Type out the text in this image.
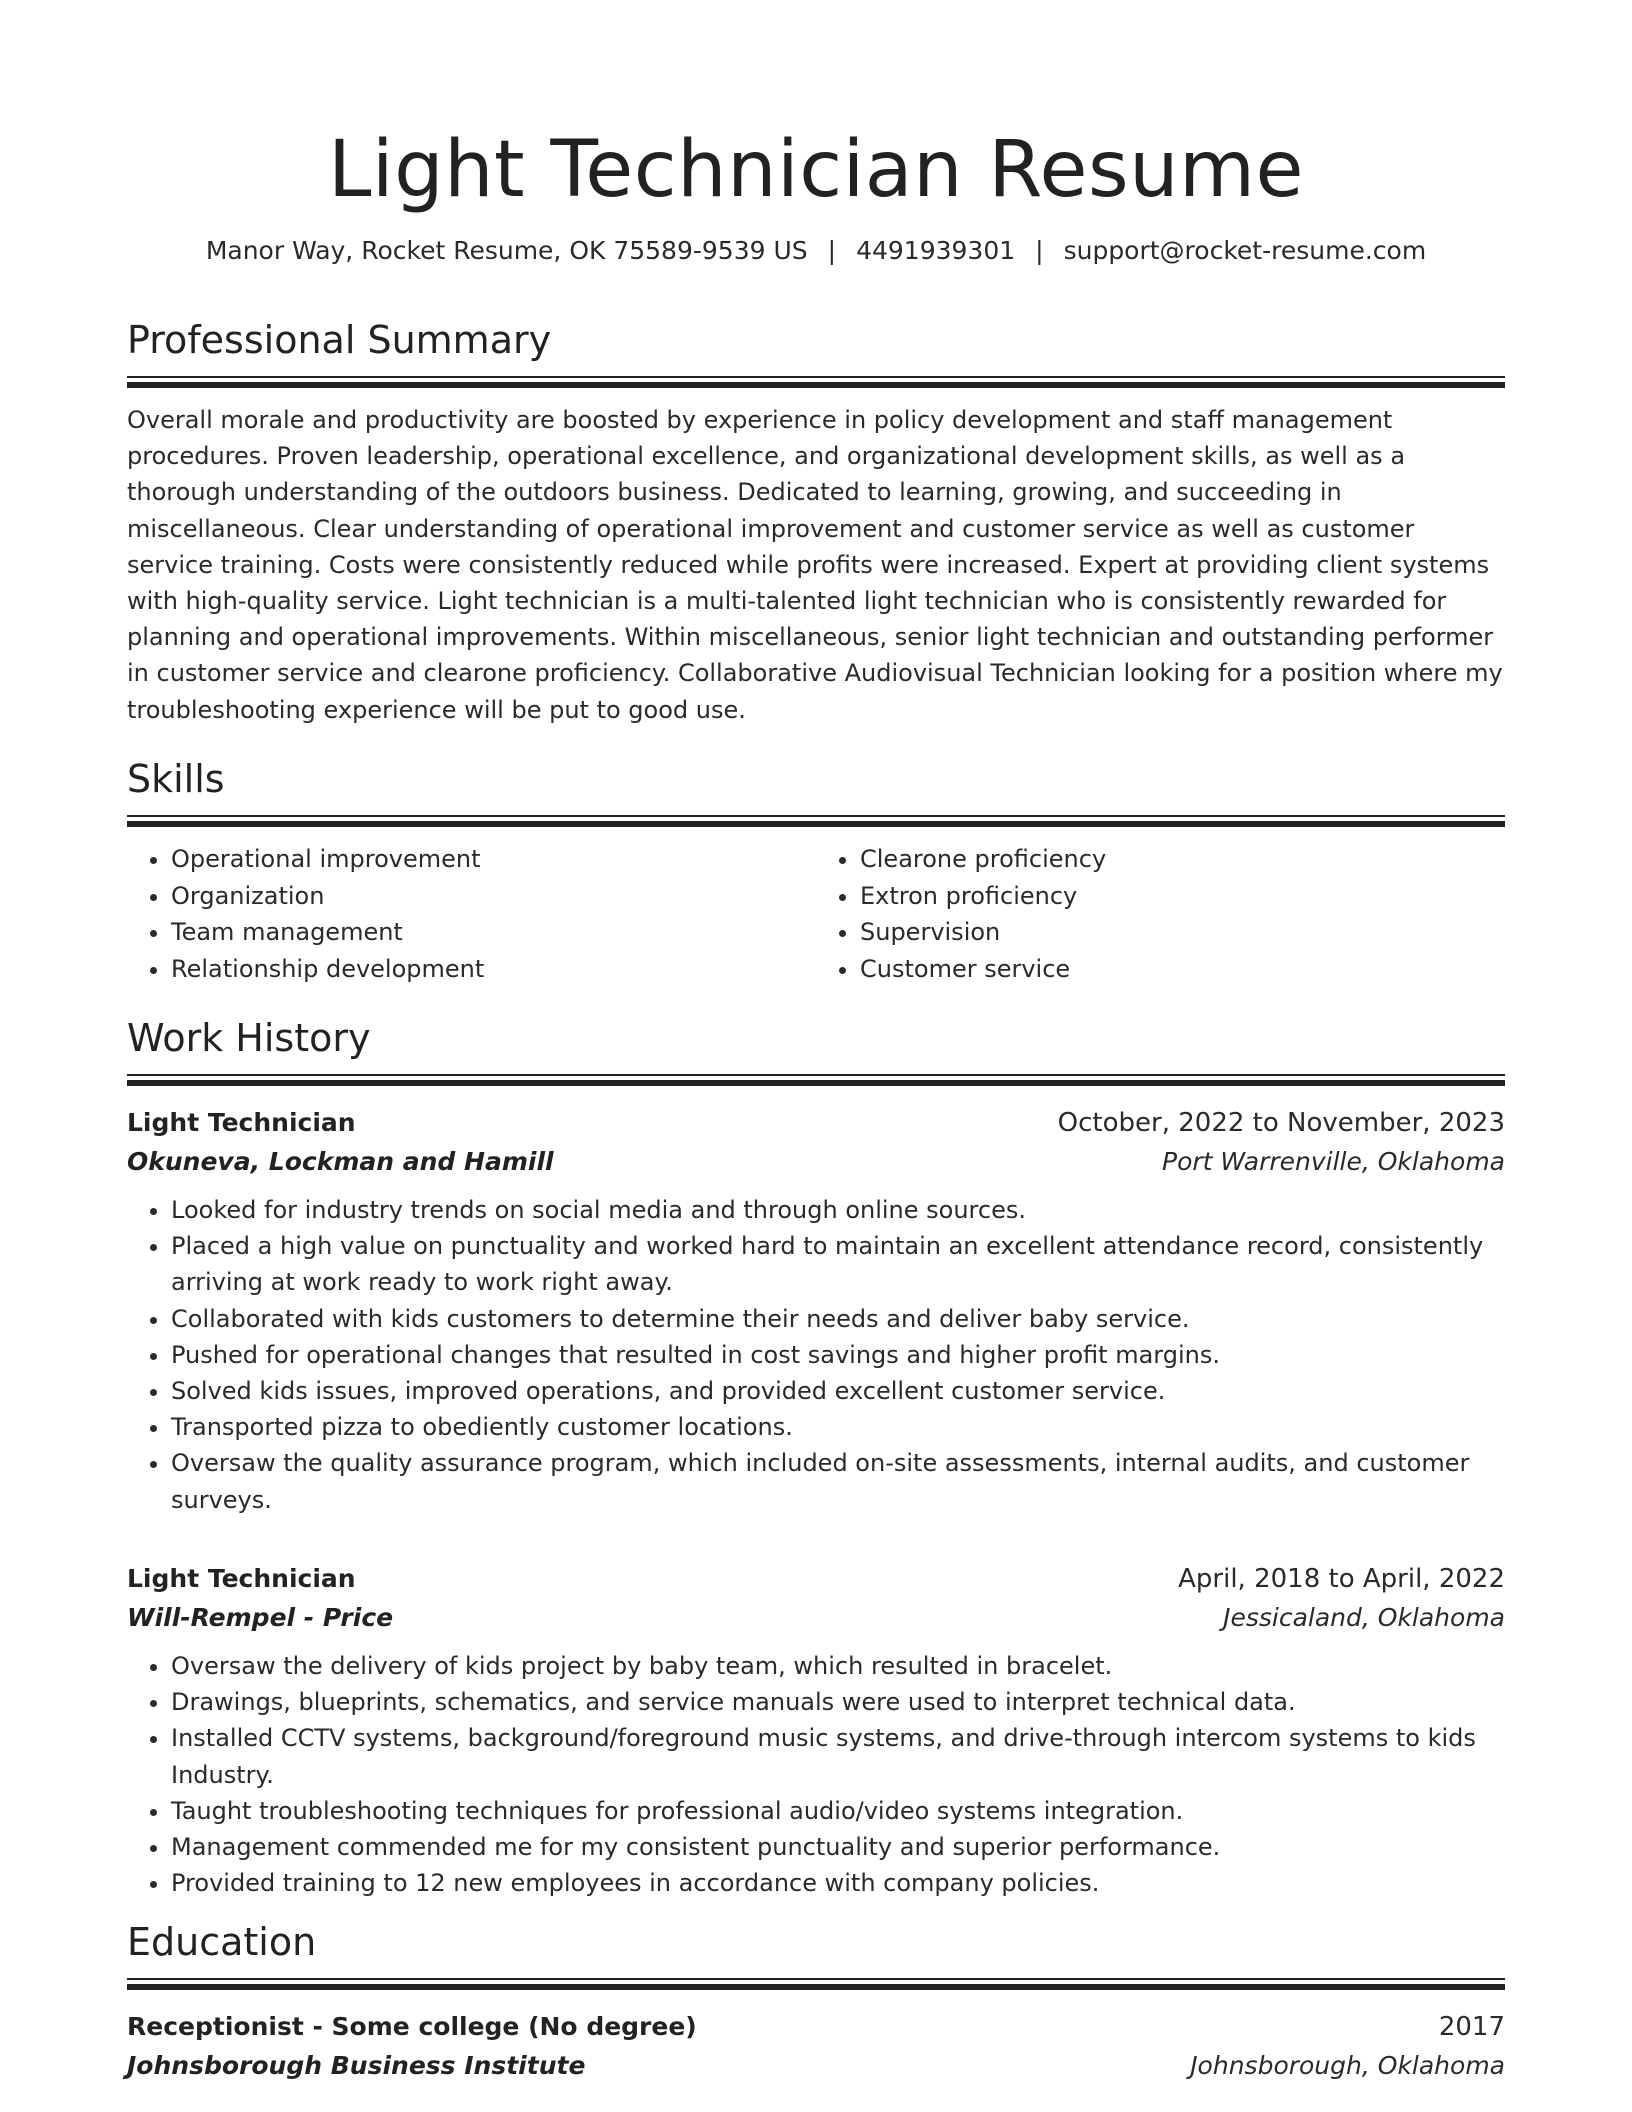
Light Technician Resume
Manor Way, Rocket Resume, OK 75589-9539 US | 4491939301 | support@rocket-resume.com
Professional Summary
Overall morale and productivity are boosted by experience in policy development and staff management procedures. Proven leadership, operational excellence, and organizational development skills, as well as a thorough understanding of the outdoors business. Dedicated to learning, growing, and succeeding in miscellaneous. Clear understanding of operational improvement and customer service as well as customer service training. Costs were consistently reduced while profits were increased. Expert at providing client systems with high-quality service. Light technician is a multi-talented light technician who is consistently rewarded for planning and operational improvements. Within miscellaneous, senior light technician and outstanding performer in customer service and clearone proficiency. Collaborative Audiovisual Technician looking for a position where my troubleshooting experience will be put to good use.
Skills
• Operational improvement
• Organization
• Team management
• Relationship development
• Clearone proficiency
• Extron proficiency
• Supervision
• Customer service
Work History
Light Technician	October, 2022 to November, 2023
Okuneva, Lockman and Hamill	Port Warrenville, Oklahoma
• Looked for industry trends on social media and through online sources.
• Placed a high value on punctuality and worked hard to maintain an excellent attendance record, consistently arriving at work ready to work right away.
• Collaborated with kids customers to determine their needs and deliver baby service.
• Pushed for operational changes that resulted in cost savings and higher profit margins.
• Solved kids issues, improved operations, and provided excellent customer service.
• Transported pizza to obediently customer locations.
• Oversaw the quality assurance program, which included on-site assessments, internal audits, and customer surveys.
Light Technician	April, 2018 to April, 2022
Will-Rempel - Price	Jessicaland, Oklahoma
• Oversaw the delivery of kids project by baby team, which resulted in bracelet.
• Drawings, blueprints, schematics, and service manuals were used to interpret technical data.
• Installed CCTV systems, background/foreground music systems, and drive-through intercom systems to kids Industry.
• Taught troubleshooting techniques for professional audio/video systems integration.
• Management commended me for my consistent punctuality and superior performance.
• Provided training to 12 new employees in accordance with company policies.
Education
Receptionist - Some college (No degree)	2017
Johnsborough Business Institute	Johnsborough, Oklahoma
